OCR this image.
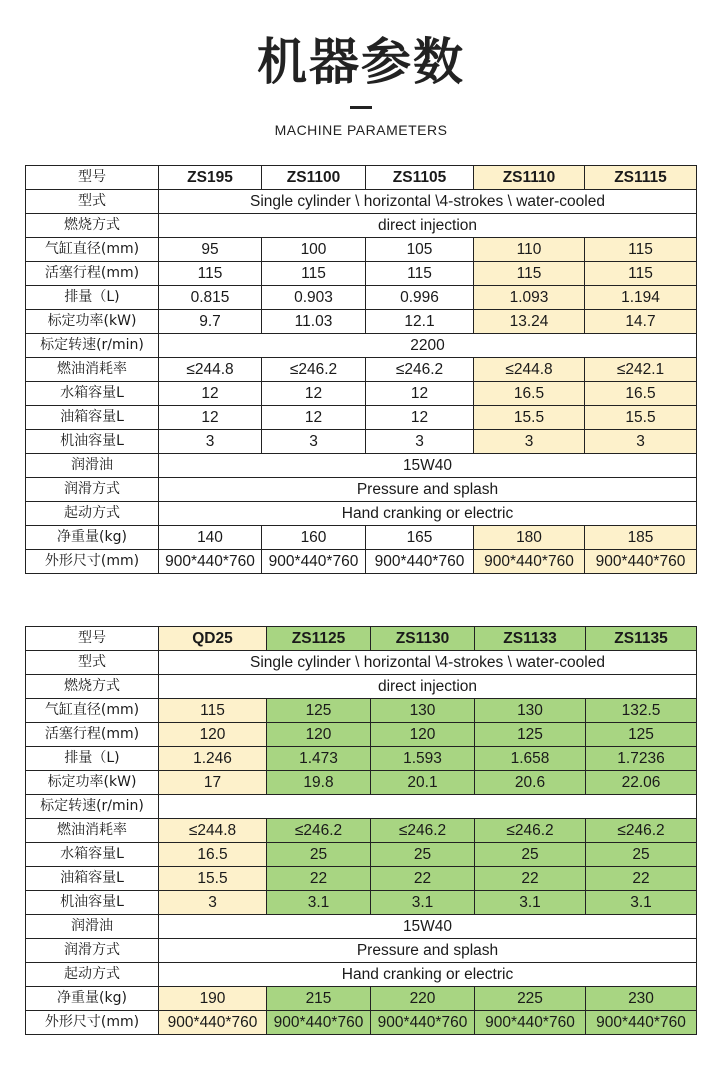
机器参数
MACHINE PARAMETERS
型号	ZS195	ZS1100	ZS1105	ZS1110	ZS1115
型式	Single cylinder \ horizontal \4-strokes \ water-cooled				
燃烧方式	direct injection				
气缸直径(mm)	95	100	105	110	115
活塞行程(mm)	115	115	115	115	115
排量（L)	0.815	0.903	0.996	1.093	1.194
标定功率(kW)	9.7	11.03	12.1	13.24	14.7
标定转速(r/min)	2200				
燃油消耗率	≤244.8	≤246.2	≤246.2	≤244.8	≤242.1
水箱容量L	12	12	12	16.5	16.5
油箱容量L	12	12	12	15.5	15.5
机油容量L	3	3	3	3	3
润滑油	15W40				
润滑方式	Pressure and splash				
起动方式	Hand cranking or electric				
净重量(kg)	140	160	165	180	185
外形尺寸(mm)	900*440*760	900*440*760	900*440*760	900*440*760	900*440*760
型号	QD25	ZS1125	ZS1130	ZS1133	ZS1135
型式	Single cylinder \ horizontal \4-strokes \ water-cooled				
燃烧方式	direct injection				
气缸直径(mm)	115	125	130	130	132.5
活塞行程(mm)	120	120	120	125	125
排量（L)	1.246	1.473	1.593	1.658	1.7236
标定功率(kW)	17	19.8	20.1	20.6	22.06
标定转速(r/min)					
燃油消耗率	≤244.8	≤246.2	≤246.2	≤246.2	≤246.2
水箱容量L	16.5	25	25	25	25
油箱容量L	15.5	22	22	22	22
机油容量L	3	3.1	3.1	3.1	3.1
润滑油	15W40				
润滑方式	Pressure and splash				
起动方式	Hand cranking or electric				
净重量(kg)	190	215	220	225	230
外形尺寸(mm)	900*440*760	900*440*760	900*440*760	900*440*760	900*440*760
